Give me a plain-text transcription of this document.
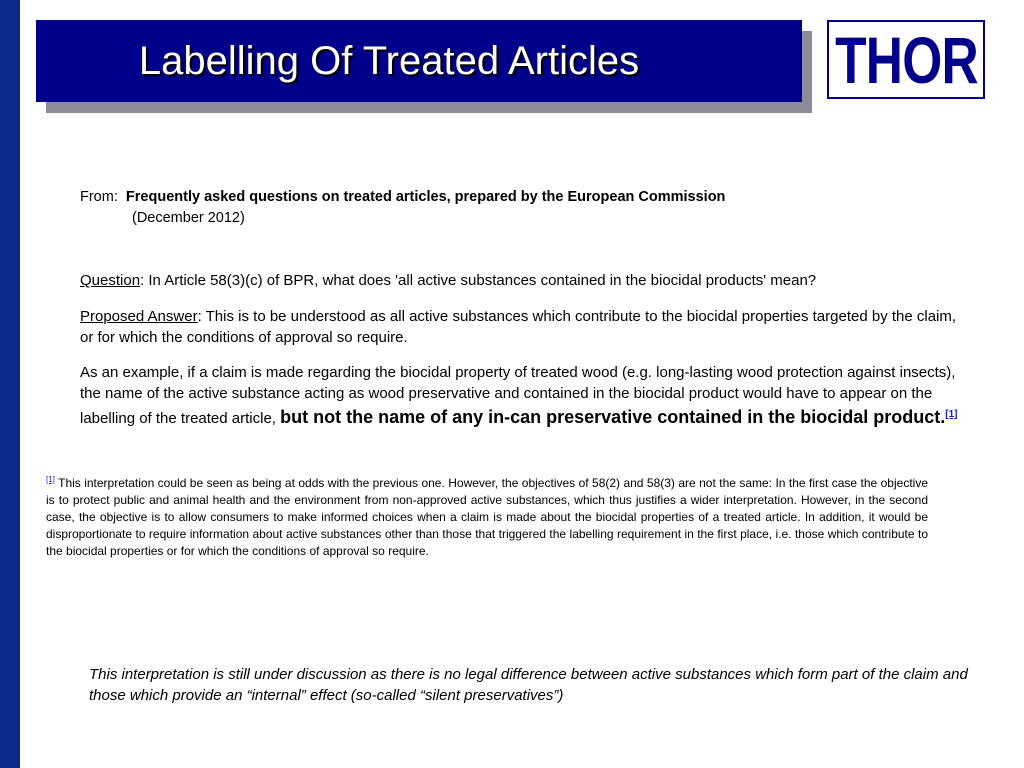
Labelling Of Treated Articles	THOR
From: Frequently asked questions on treated articles, prepared by the European Commission
(December 2012)
Question: In Article 58(3)(c) of BPR, what does 'all active substances contained in the biocidal products' mean?
Proposed Answer: This is to be understood as all active substances which contribute to the biocidal properties targeted by the claim, or for which the conditions of approval so require.
As an example, if a claim is made regarding the biocidal property of treated wood (e.g. long-lasting wood protection against insects), the name of the active substance acting as wood preservative and contained in the biocidal product would have to appear on the labelling of the treated article, but not the name of any in-can preservative contained in the biocidal product.[1]
[1] This interpretation could be seen as being at odds with the previous one. However, the objectives of 58(2) and 58(3) are not the same: In the first case the objective is to protect public and animal health and the environment from non-approved active substances, which thus justifies a wider interpretation. However, in the second case, the objective is to allow consumers to make informed choices when a claim is made about the biocidal properties of a treated article. In addition, it would be disproportionate to require information about active substances other than those that triggered the labelling requirement in the first place, i.e. those which contribute to the biocidal properties or for which the conditions of approval so require.
This interpretation is still under discussion as there is no legal difference between active substances which form part of the claim and those which provide an “internal” effect (so-called “silent preservatives”)
